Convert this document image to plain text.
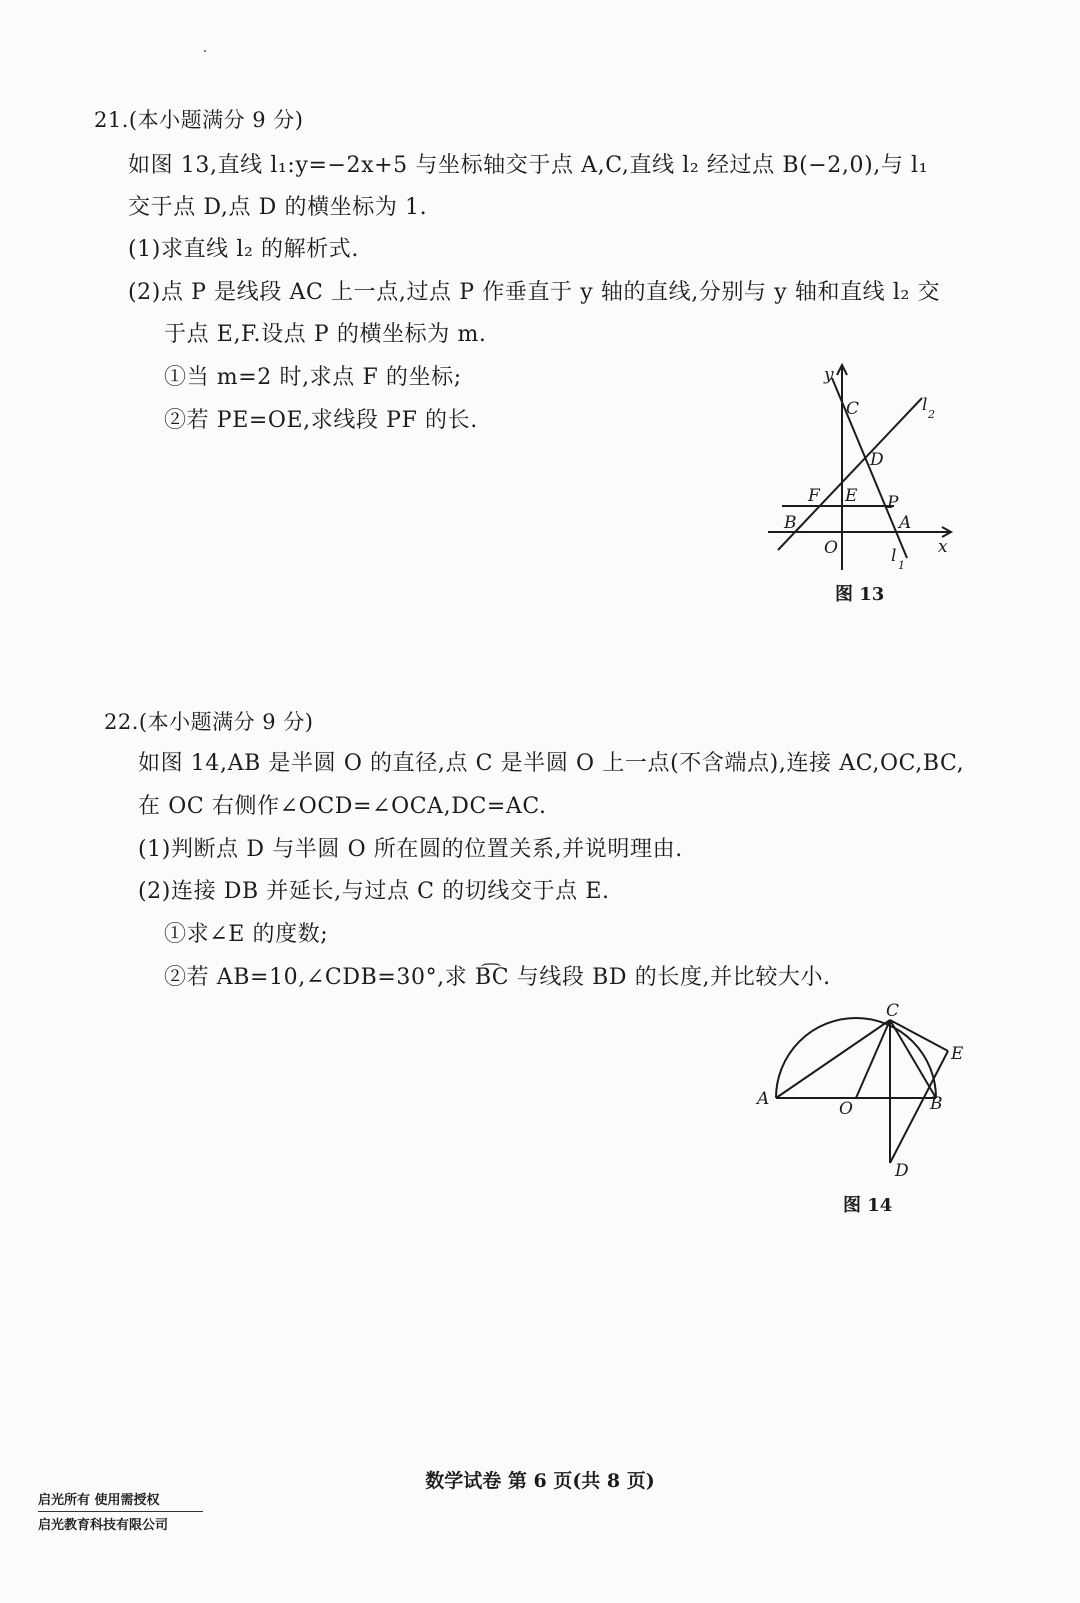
21.(本小题满分 9 分)
如图 13,直线 l₁:y=−2x+5 与坐标轴交于点 A,C,直线 l₂ 经过点 B(−2,0),与 l₁
交于点 D,点 D 的横坐标为 1.
(1)求直线 l₂ 的解析式.
(2)点 P 是线段 AC 上一点,过点 P 作垂直于 y 轴的直线,分别与 y 轴和直线 l₂ 交
于点 E,F.设点 P 的横坐标为 m.
①当 m=2 时,求点 F 的坐标;
②若 PE=OE,求线段 PF 的长.
y
x
C	l 2
D
F E P
B	A
O	l 1
图 13
22.(本小题满分 9 分)
如图 14,AB 是半圆 O 的直径,点 C 是半圆 O 上一点(不含端点),连接 AC,OC,BC,
在 OC 右侧作∠OCD=∠OCA,DC=AC.
(1)判断点 D 与半圆 O 所在圆的位置关系,并说明理由.
(2)连接 DB 并延长,与过点 C 的切线交于点 E.
①求∠E 的度数;
②若 AB=10,∠CDB=30°,求 B͡C 与线段 BD 的长度,并比较大小.
C
E
A	O	B
D
图 14
数学试卷 第 6 页(共 8 页)
启光所有 使用需授权
启光教育科技有限公司
